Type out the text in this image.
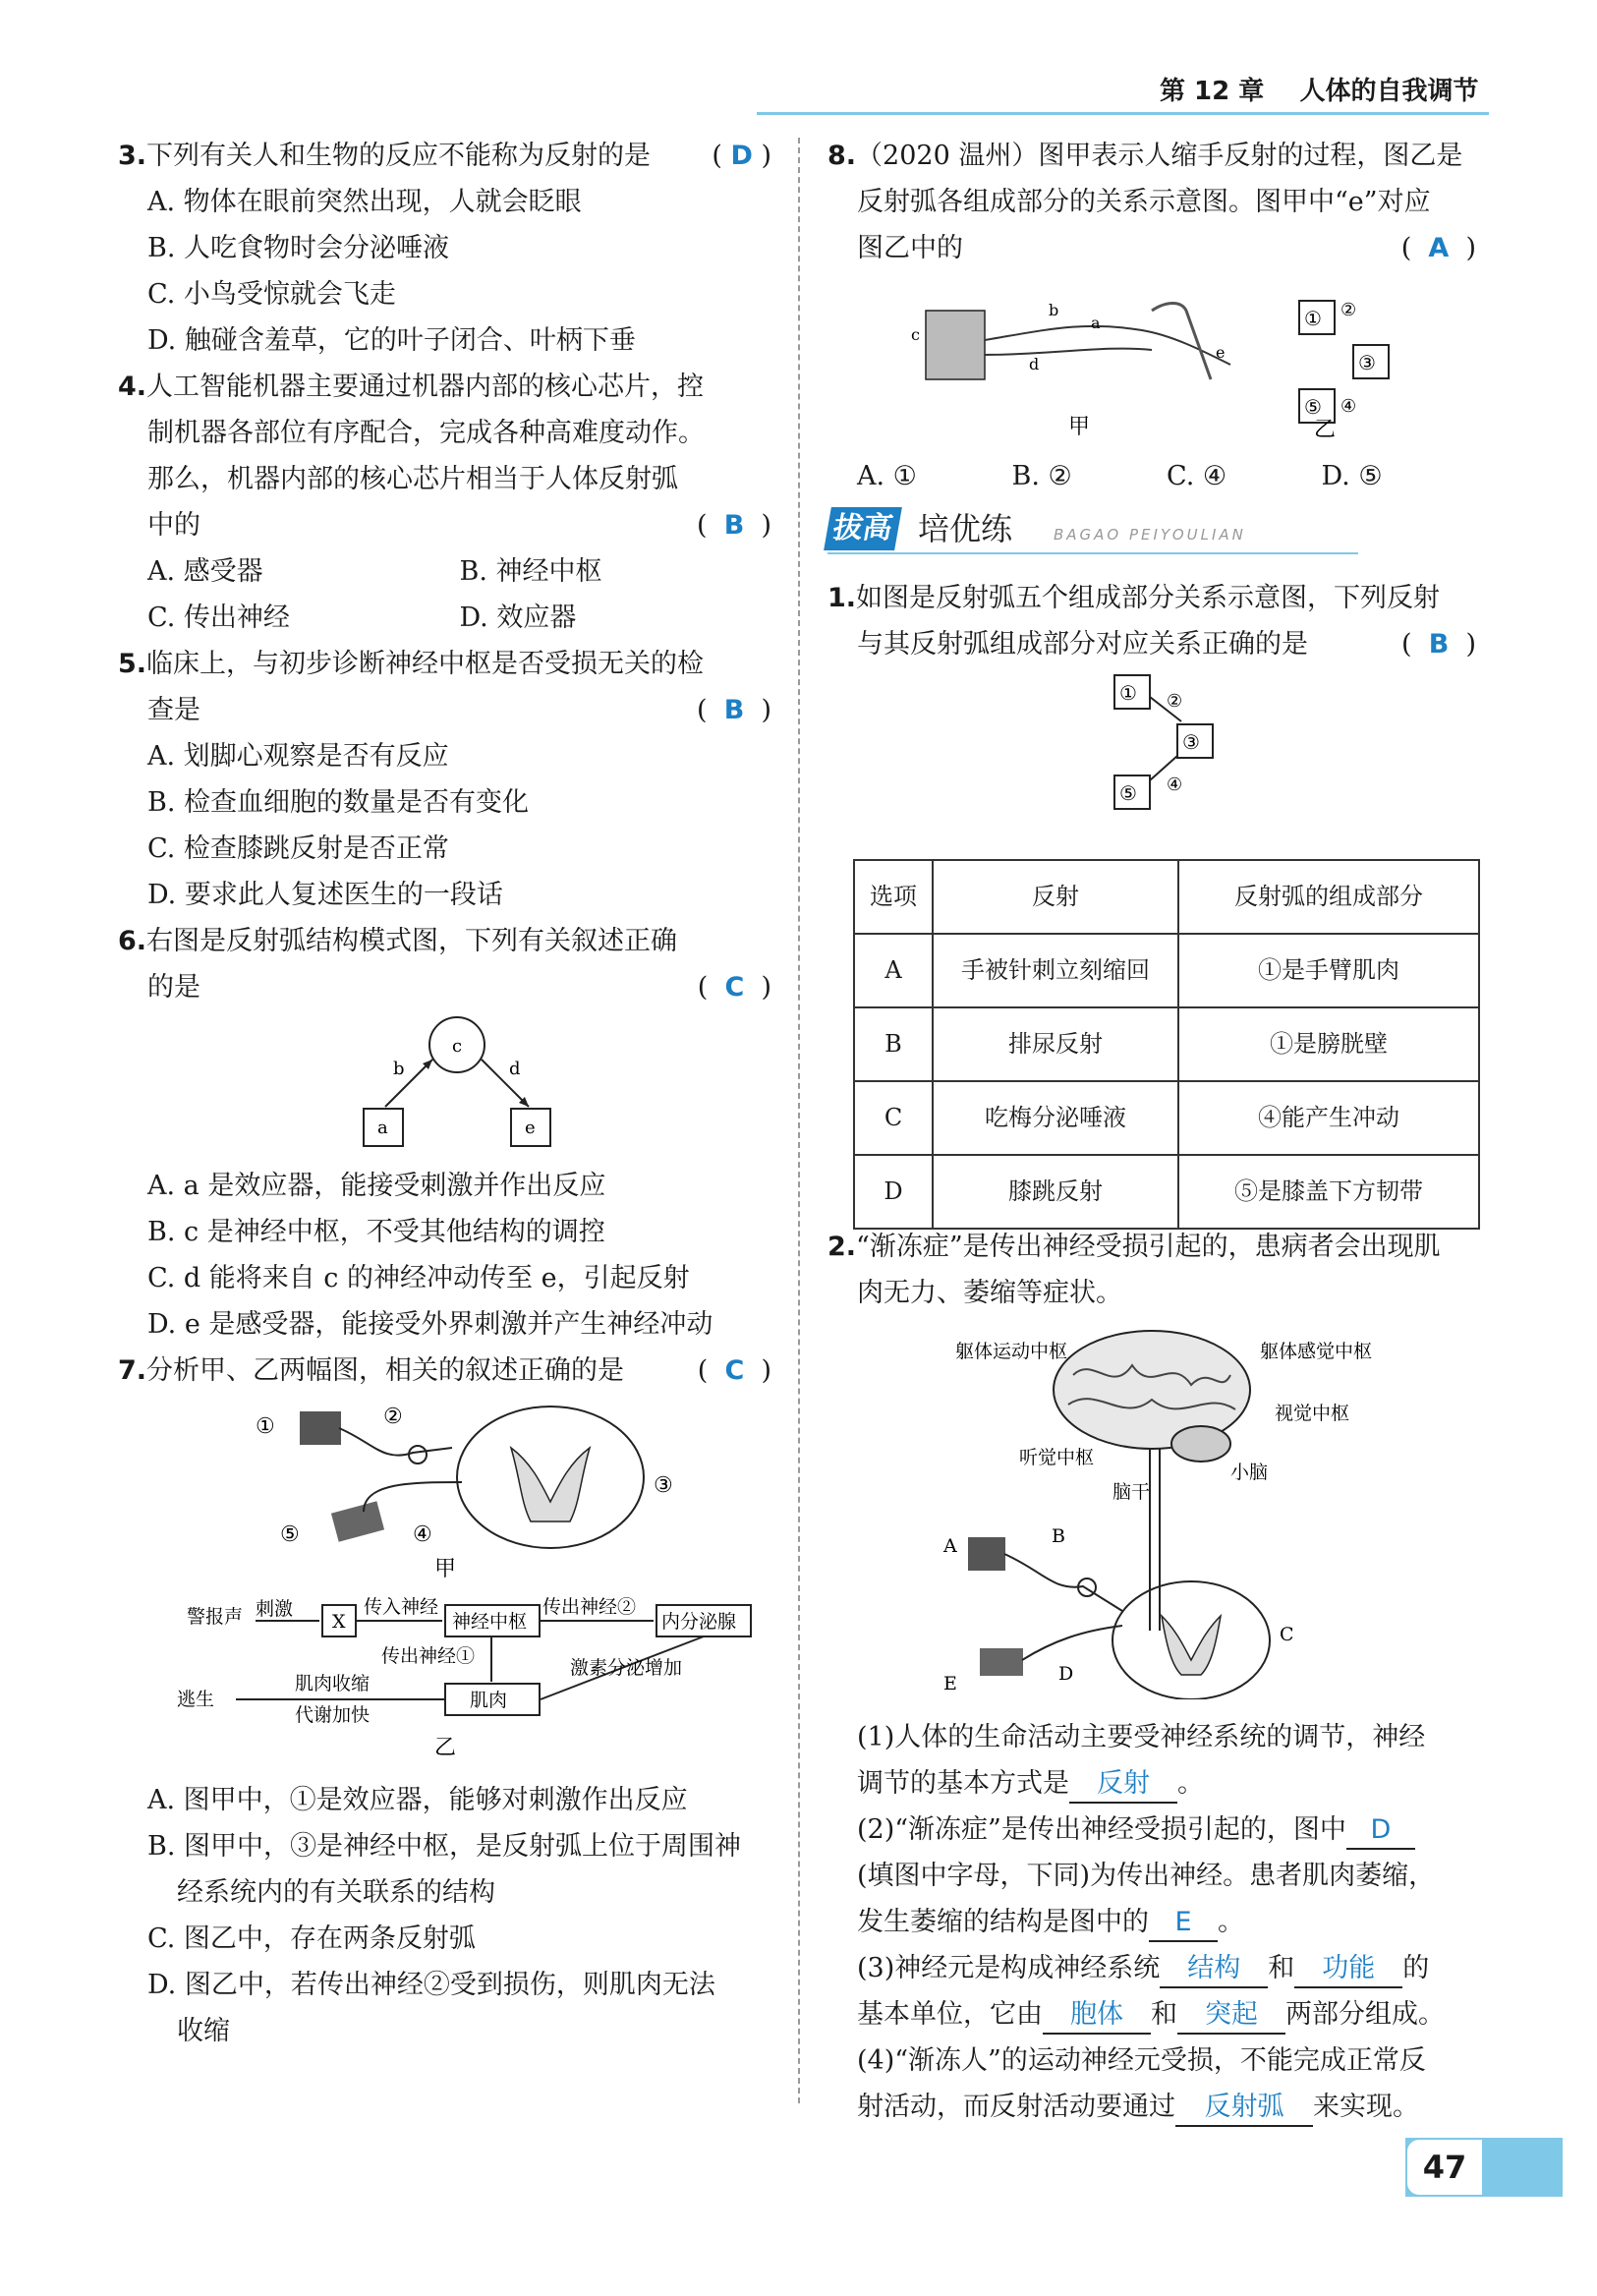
第 12 章 人体的自我调节
3.下列有关人和生物的反应不能称为反射的是 ( D )
A. 物体在眼前突然出现，人就会眨眼
B. 人吃食物时会分泌唾液
C. 小鸟受惊就会飞走
D. 触碰含羞草，它的叶子闭合、叶柄下垂
4.人工智能机器主要通过机器内部的核心芯片，控
制机器各部位有序配合，完成各种高难度动作。
那么，机器内部的核心芯片相当于人体反射弧
中的	(  B  )
A. 感受器	B. 神经中枢
C. 传出神经	D. 效应器
5.临床上，与初步诊断神经中枢是否受损无关的检
查是	(  B  )
A. 划脚心观察是否有反应
B. 检查血细胞的数量是否有变化
C. 检查膝跳反射是否正常
D. 要求此人复述医生的一段话
6.右图是反射弧结构模式图，下列有关叙述正确
的是	(  C  )
c
a	e
b	d
A. a 是效应器，能接受刺激并作出反应
B. c 是神经中枢，不受其他结构的调控
C. d 能将来自 c 的神经冲动传至 e，引起反射
D. e 是感受器，能接受外界刺激并产生神经冲动
7.分析甲、乙两幅图，相关的叙述正确的是	(  C  )
①	②
③
④
⑤
甲

警报声 刺激
X
传入神经
神经中枢
传出神经②
内分泌腺
传出神经①
肌肉
激素分泌增加
肌肉收缩
代谢加快
逃生
乙
A. 图甲中，①是效应器，能够对刺激作出反应
B. 图甲中，③是神经中枢，是反射弧上位于周围神
经系统内的有关联系的结构
C. 图乙中，存在两条反射弧
D. 图乙中，若传出神经②受到损伤，则肌肉无法
收缩
8.（2020 温州）图甲表示人缩手反射的过程，图乙是
反射弧各组成部分的关系示意图。图甲中“e”对应
图乙中的	(  A  )
c
b
a
d
e
甲
① ②
③
④
⑤
乙
A. ①	B. ②	C. ④	D. ⑤
拔高 培优练	BAGAO PEIYOULIAN
1.如图是反射弧五个组成部分关系示意图，下列反射
与其反射弧组成部分对应关系正确的是	(  B  )
① ②
③
④
⑤
选项	反射	反射弧的组成部分
A	手被针刺立刻缩回	①是手臂肌肉
B	排尿反射	①是膀胱壁
C	吃梅分泌唾液	④能产生冲动
D	膝跳反射	⑤是膝盖下方韧带
2.“渐冻症”是传出神经受损引起的，患病者会出现肌
肉无力、萎缩等症状。
躯体运动中枢	躯体感觉中枢
视觉中枢
听觉中枢
小脑
脑干
A	B
C
D
E
(1)人体的生命活动主要受神经系统的调节，神经
调节的基本方式是 反射 。
(2)“渐冻症”是传出神经受损引起的，图中 D
(填图中字母，下同)为传出神经。患者肌肉萎缩，
发生萎缩的结构是图中的 E 。
(3)神经元是构成神经系统 结构 和 功能 的
基本单位，它由 胞体 和 突起 两部分组成。
(4)“渐冻人”的运动神经元受损，不能完成正常反
射活动，而反射活动要通过 反射弧 来实现。
47
